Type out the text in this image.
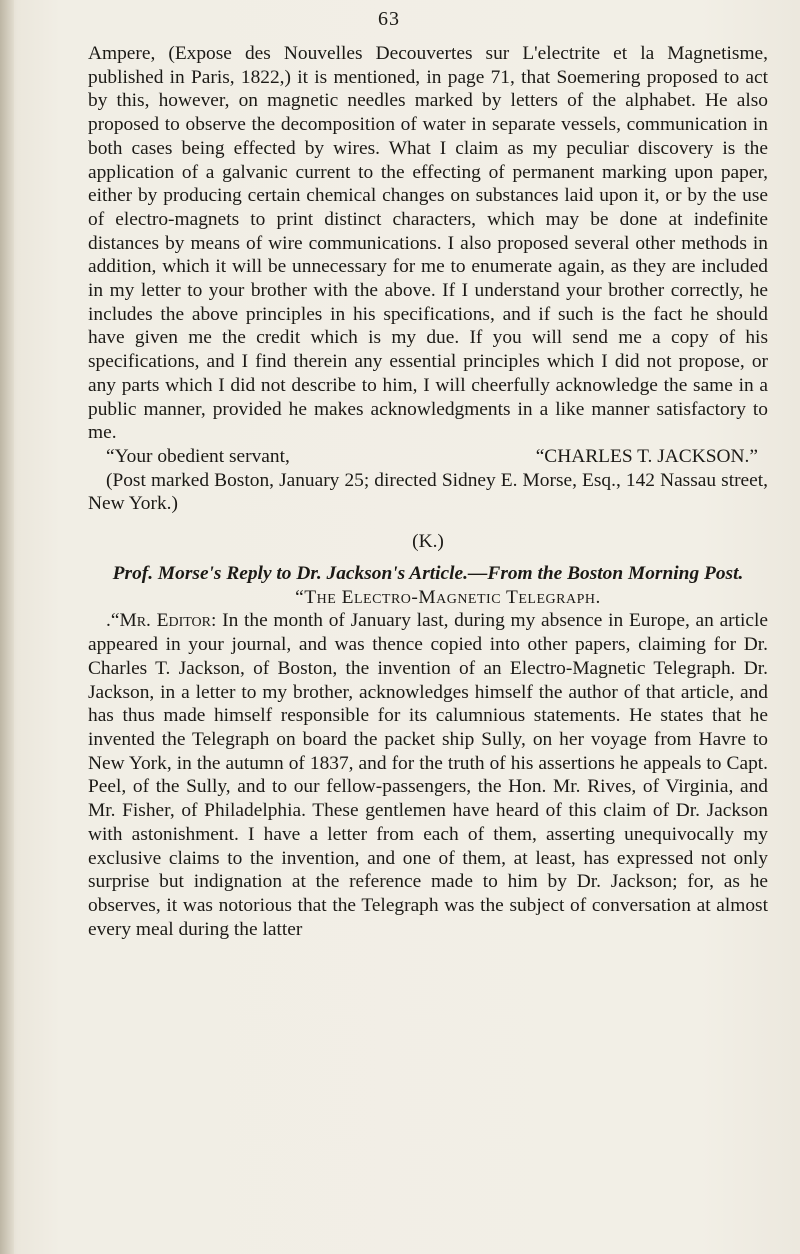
63

Ampere, (Expose des Nouvelles Decouvertes sur L'electrite et la Magnetisme, published in Paris, 1822,) it is mentioned, in page 71, that Soemering proposed to act by this, however, on magnetic needles marked by letters of the alphabet. He also proposed to observe the decomposition of water in separate vessels, communication in both cases being effected by wires. What I claim as my peculiar discovery is the application of a galvanic current to the effecting of permanent marking upon paper, either by producing certain chemical changes on substances laid upon it, or by the use of electro-magnets to print distinct characters, which may be done at indefinite distances by means of wire communications. I also proposed several other methods in addition, which it will be unnecessary for me to enumerate again, as they are included in my letter to your brother with the above. If I understand your brother correctly, he includes the above principles in his specifications, and if such is the fact he should have given me the credit which is my due. If you will send me a copy of his specifications, and I find therein any essential principles which I did not propose, or any parts which I did not describe to him, I will cheerfully acknowledge the same in a public manner, provided he makes acknowledgments in a like manner satisfactory to me.

“Your obedient servant,	“CHARLES T. JACKSON.”

(Post marked Boston, January 25; directed Sidney E. Morse, Esq., 142 Nassau street, New York.)

(K.)

Prof. Morse's Reply to Dr. Jackson's Article.—From the Boston Morning Post.

“The Electro-Magnetic Telegraph.

.“Mr. Editor: In the month of January last, during my absence in Europe, an article appeared in your journal, and was thence copied into other papers, claiming for Dr. Charles T. Jackson, of Boston, the invention of an Electro-Magnetic Telegraph. Dr. Jackson, in a letter to my brother, acknowledges himself the author of that article, and has thus made himself responsible for its calumnious statements. He states that he invented the Telegraph on board the packet ship Sully, on her voyage from Havre to New York, in the autumn of 1837, and for the truth of his assertions he appeals to Capt. Peel, of the Sully, and to our fellow-passengers, the Hon. Mr. Rives, of Virginia, and Mr. Fisher, of Philadelphia. These gentlemen have heard of this claim of Dr. Jackson with astonishment. I have a letter from each of them, asserting unequivocally my exclusive claims to the invention, and one of them, at least, has expressed not only surprise but indignation at the reference made to him by Dr. Jackson; for, as he observes, it was notorious that the Telegraph was the subject of conversation at almost every meal during the latter
